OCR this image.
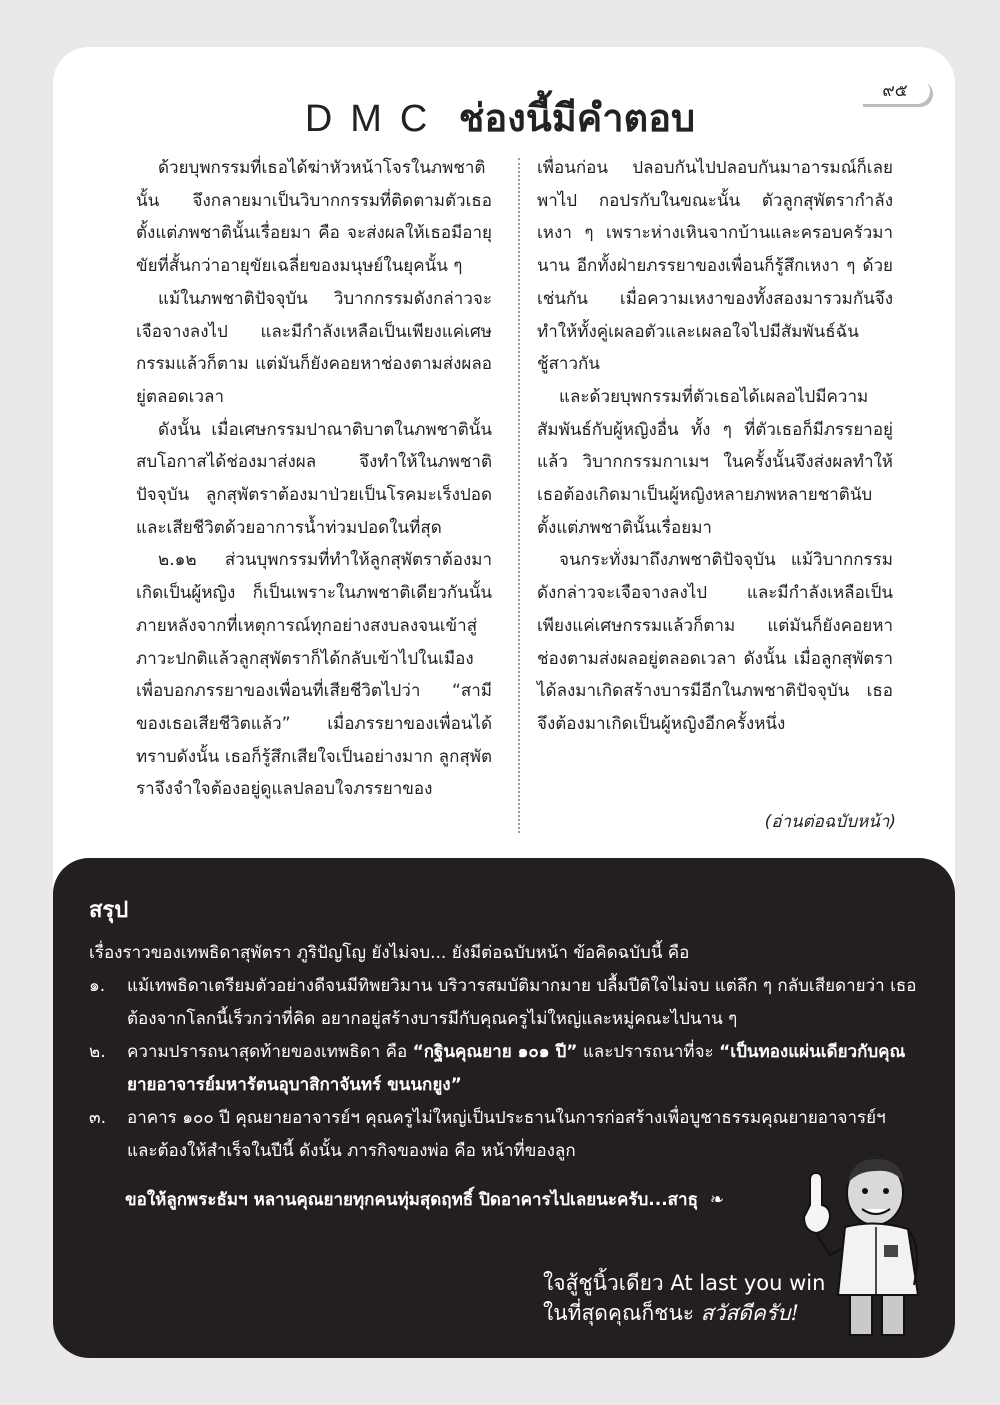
๙๕
DMC ช่องนี้มีคำตอบ

ด้วยบุพกรรมที่เธอได้ฆ่าหัวหน้าโจรในภพชาตินั้น จึงกลายมาเป็นวิบากกรรมที่ติดตามตัวเธอตั้งแต่ภพชาตินั้นเรื่อยมา คือ จะส่งผลให้เธอมีอายุขัยที่สั้นกว่าอายุขัยเฉลี่ยของมนุษย์ในยุคนั้น ๆ

แม้ในภพชาติปัจจุบัน วิบากกรรมดังกล่าวจะเจือจางลงไป และมีกำลังเหลือเป็นเพียงแค่เศษกรรมแล้วก็ตาม แต่มันก็ยังคอยหาช่องตามส่งผลอยู่ตลอดเวลา

ดังนั้น เมื่อเศษกรรมปาณาติบาตในภพชาตินั้นสบโอกาสได้ช่องมาส่งผล จึงทำให้ในภพชาติปัจจุบัน ลูกสุพัตราต้องมาป่วยเป็นโรคมะเร็งปอดและเสียชีวิตด้วยอาการน้ำท่วมปอดในที่สุด

๒.๑๒ ส่วนบุพกรรมที่ทำให้ลูกสุพัตราต้องมาเกิดเป็นผู้หญิง ก็เป็นเพราะในภพชาติเดียวกันนั้น ภายหลังจากที่เหตุการณ์ทุกอย่างสงบลงจนเข้าสู่ภาวะปกติแล้วลูกสุพัตราก็ได้กลับเข้าไปในเมืองเพื่อบอกภรรยาของเพื่อนที่เสียชีวิตไปว่า “สามีของเธอเสียชีวิตแล้ว” เมื่อภรรยาของเพื่อนได้ทราบดังนั้น เธอก็รู้สึกเสียใจเป็นอย่างมาก ลูกสุพัตราจึงจำใจต้องอยู่ดูแลปลอบใจภรรยาของ

เพื่อนก่อน ปลอบกันไปปลอบกันมาอารมณ์ก็เลยพาไป กอปรกับในขณะนั้น ตัวลูกสุพัตรากำลังเหงา ๆ เพราะห่างเหินจากบ้านและครอบครัวมานาน อีกทั้งฝ่ายภรรยาของเพื่อนก็รู้สึกเหงา ๆ ด้วยเช่นกัน เมื่อความเหงาของทั้งสองมารวมกันจึงทำให้ทั้งคู่เผลอตัวและเผลอใจไปมีสัมพันธ์ฉันชู้สาวกัน

และด้วยบุพกรรมที่ตัวเธอได้เผลอไปมีความสัมพันธ์กับผู้หญิงอื่น ทั้ง ๆ ที่ตัวเธอก็มีภรรยาอยู่แล้ว วิบากกรรมกาเมฯ ในครั้งนั้นจึงส่งผลทำให้เธอต้องเกิดมาเป็นผู้หญิงหลายภพหลายชาตินับตั้งแต่ภพชาตินั้นเรื่อยมา

จนกระทั่งมาถึงภพชาติปัจจุบัน แม้วิบากกรรมดังกล่าวจะเจือจางลงไป และมีกำลังเหลือเป็นเพียงแค่เศษกรรมแล้วก็ตาม แต่มันก็ยังคอยหาช่องตามส่งผลอยู่ตลอดเวลา ดังนั้น เมื่อลูกสุพัตราได้ลงมาเกิดสร้างบารมีอีกในภพชาติปัจจุบัน เธอจึงต้องมาเกิดเป็นผู้หญิงอีกครั้งหนึ่ง

(อ่านต่อฉบับหน้า)
สรุป
เรื่องราวของเทพธิดาสุพัตรา ภูริปัญโญ ยังไม่จบ... ยังมีต่อฉบับหน้า ข้อคิดฉบับนี้ คือ
๑.	แม้เทพธิดาเตรียมตัวอย่างดีจนมีทิพยวิมาน บริวารสมบัติมากมาย ปลื้มปีติใจไม่จบ แต่ลึก ๆ กลับเสียดายว่า เธอต้องจากโลกนี้เร็วกว่าที่คิด อยากอยู่สร้างบารมีกับคุณครูไม่ใหญ่และหมู่คณะไปนาน ๆ
๒.	ความปรารถนาสุดท้ายของเทพธิดา คือ “กฐินคุณยาย ๑๐๑ ปี” และปรารถนาที่จะ “เป็นทองแผ่นเดียวกับคุณยายอาจารย์มหารัตนอุบาสิกาจันทร์ ขนนกยูง”
๓.	อาคาร ๑๐๐ ปี คุณยายอาจารย์ฯ คุณครูไม่ใหญ่เป็นประธานในการก่อสร้างเพื่อบูชาธรรมคุณยายอาจารย์ฯ และต้องให้สำเร็จในปีนี้ ดังนั้น ภารกิจของพ่อ คือ หน้าที่ของลูก
ขอให้ลูกพระธัมฯ หลานคุณยายทุกคนทุ่มสุดฤทธิ์ ปิดอาคารไปเลยนะครับ...สาธุ ❧
ใจสู้ชูนิ้วเดียว At last you win
ในที่สุดคุณก็ชนะ สวัสดีครับ!
